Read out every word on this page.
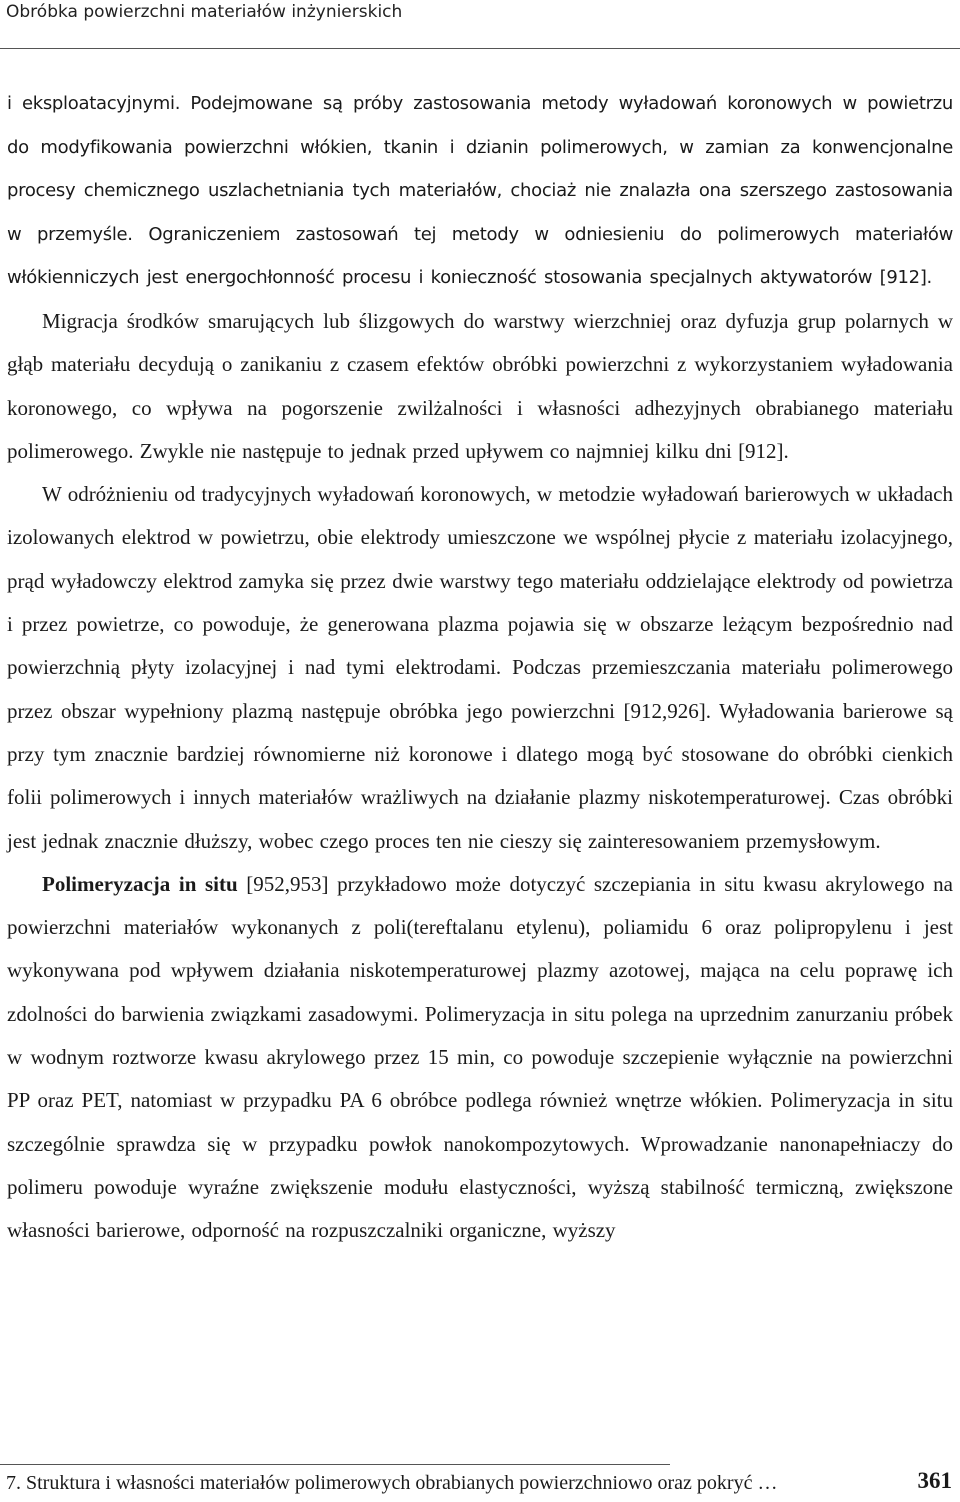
Obróbka powierzchni materiałów inżynierskich

i eksploatacyjnymi. Podejmowane są próby zastosowania metody wyładowań koronowych w powietrzu do modyfikowania powierzchni włókien, tkanin i dzianin polimerowych, w zamian za konwencjonalne procesy chemicznego uszlachetniania tych materiałów, chociaż nie znalazła ona szerszego zastosowania w przemyśle. Ograniczeniem zastosowań tej metody w odniesieniu do polimerowych materiałów włókienniczych jest energochłonność procesu i konieczność stosowania specjalnych aktywatorów [912].

Migracja środków smarujących lub ślizgowych do warstwy wierzchniej oraz dyfuzja grup polarnych w głąb materiału decydują o zanikaniu z czasem efektów obróbki powierzchni z wykorzystaniem wyładowania koronowego, co wpływa na pogorszenie zwilżalności i własności adhezyjnych obrabianego materiału polimerowego. Zwykle nie następuje to jednak przed upływem co najmniej kilku dni [912].

W odróżnieniu od tradycyjnych wyładowań koronowych, w metodzie wyładowań barierowych w układach izolowanych elektrod w powietrzu, obie elektrody umieszczone we wspólnej płycie z materiału izolacyjnego, prąd wyładowczy elektrod zamyka się przez dwie warstwy tego materiału oddzielające elektrody od powietrza i przez powietrze, co powoduje, że generowana plazma pojawia się w obszarze leżącym bezpośrednio nad powierzchnią płyty izolacyjnej i nad tymi elektrodami. Podczas przemieszczania materiału polimerowego przez obszar wypełniony plazmą następuje obróbka jego powierzchni [912,926]. Wyładowania barierowe są przy tym znacznie bardziej równomierne niż koronowe i dlatego mogą być stosowane do obróbki cienkich folii polimerowych i innych materiałów wrażliwych na działanie plazmy niskotemperaturowej. Czas obróbki jest jednak znacznie dłuższy, wobec czego proces ten nie cieszy się zainteresowaniem przemysłowym.

Polimeryzacja in situ [952,953] przykładowo może dotyczyć szczepiania in situ kwasu akrylowego na powierzchni materiałów wykonanych z poli(tereftalanu etylenu), poliamidu 6 oraz polipropylenu i jest wykonywana pod wpływem działania niskotemperaturowej plazmy azotowej, mająca na celu poprawę ich zdolności do barwienia związkami zasadowymi. Polimeryzacja in situ polega na uprzednim zanurzaniu próbek w wodnym roztworze kwasu akrylowego przez 15 min, co powoduje szczepienie wyłącznie na powierzchni PP oraz PET, natomiast w przypadku PA 6 obróbce podlega również wnętrze włókien. Polimeryzacja in situ szczególnie sprawdza się w przypadku powłok nanokompozytowych. Wprowadzanie nanonapełniaczy do polimeru powoduje wyraźne zwiększenie modułu elastyczności, wyższą stabilność termiczną, zwiększone własności barierowe, odporność na rozpuszczalniki organiczne, wyższy

7. Struktura i własności materiałów polimerowych obrabianych powierzchniowo oraz pokryć …	361
